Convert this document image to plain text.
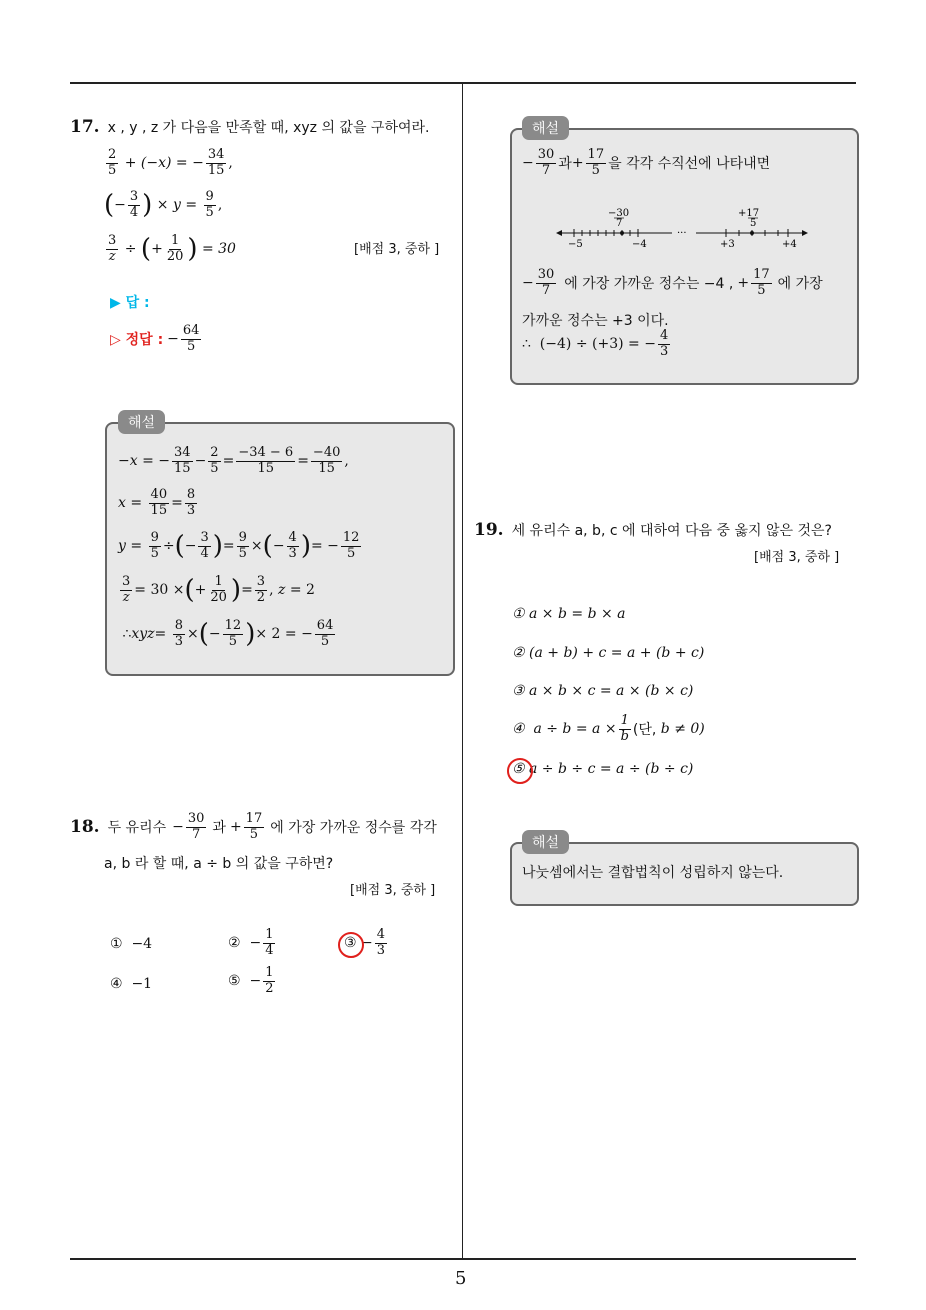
5
17. x , y , z 가 다음을 만족할 때, xyz 의 값을 구하여라.
$\frac{2}{5} + (-x)$ = − $\frac{34}{15}$ ,
( − $\frac{3}{4}$ ) × $y = \frac{9}{5}$ ,
$\frac{3}{z}$ ÷ ( + $\frac{1}{20}$ ) = 30	[배점 3, 중하 ]
▶ 답 :
▷ 정답 : − $\frac{64}{5}$
해설
−x = − $\frac{34}{15} - \frac{2}{5} = \frac{-34 - 6}{15} = \frac{-40}{15}$ ,
$x = \frac{40}{15} = \frac{8}{3}$
$y = \frac{9}{5}$ ÷ ( − $\frac{3}{4}$ ) = $\frac{9}{5}$ × ( − $\frac{4}{3}$ ) = − $\frac{12}{5}$
$\frac{3}{z} = 30$ × ( + $\frac{1}{20}$ ) = $\frac{3}{2}$ , z = 2
∴ xyz = $\frac{8}{3}$ × ( − $\frac{12}{5}$ ) × 2 = − $\frac{64}{5}$
18. 두 유리수 − $\frac{30}{7}$ 과 + $\frac{17}{5}$ 에 가장 가까운 정수를 각각
a, b 라 할 때, a ÷ b 의 값을 구하면?
[배점 3, 중하 ]
①  −4	②  − $\frac{1}{4}$	③ − $\frac{4}{3}$
④  −1	⑤  − $\frac{1}{2}$
해설
− $\frac{30}{7}$ 과 + $\frac{17}{5}$ 을 각각 수직선에 나타내면
−30
7
+17
5
−5	−4
···
+3	+4
− $\frac{30}{7}$ 에 가장 가까운 정수는 −4 , + $\frac{17}{5}$ 에 가장
가까운 정수는 +3 이다.
∴  (−4) ÷ (+3) = − $\frac{4}{3}$
19. 세 유리수 a, b, c 에 대하여 다음 중 옳지 않은 것은?
[배점 3, 중하 ]
① a × b = b × a
② (a + b) + c = a + (b + c)
③ a × b × c = a × (b × c)
④  $a \div b = a \times \frac{1}{b}$ (단, b ≠ 0)
⑤ a ÷ b ÷ c = a ÷ (b ÷ c)
해설
나눗셈에서는 결합법칙이 성립하지 않는다.
